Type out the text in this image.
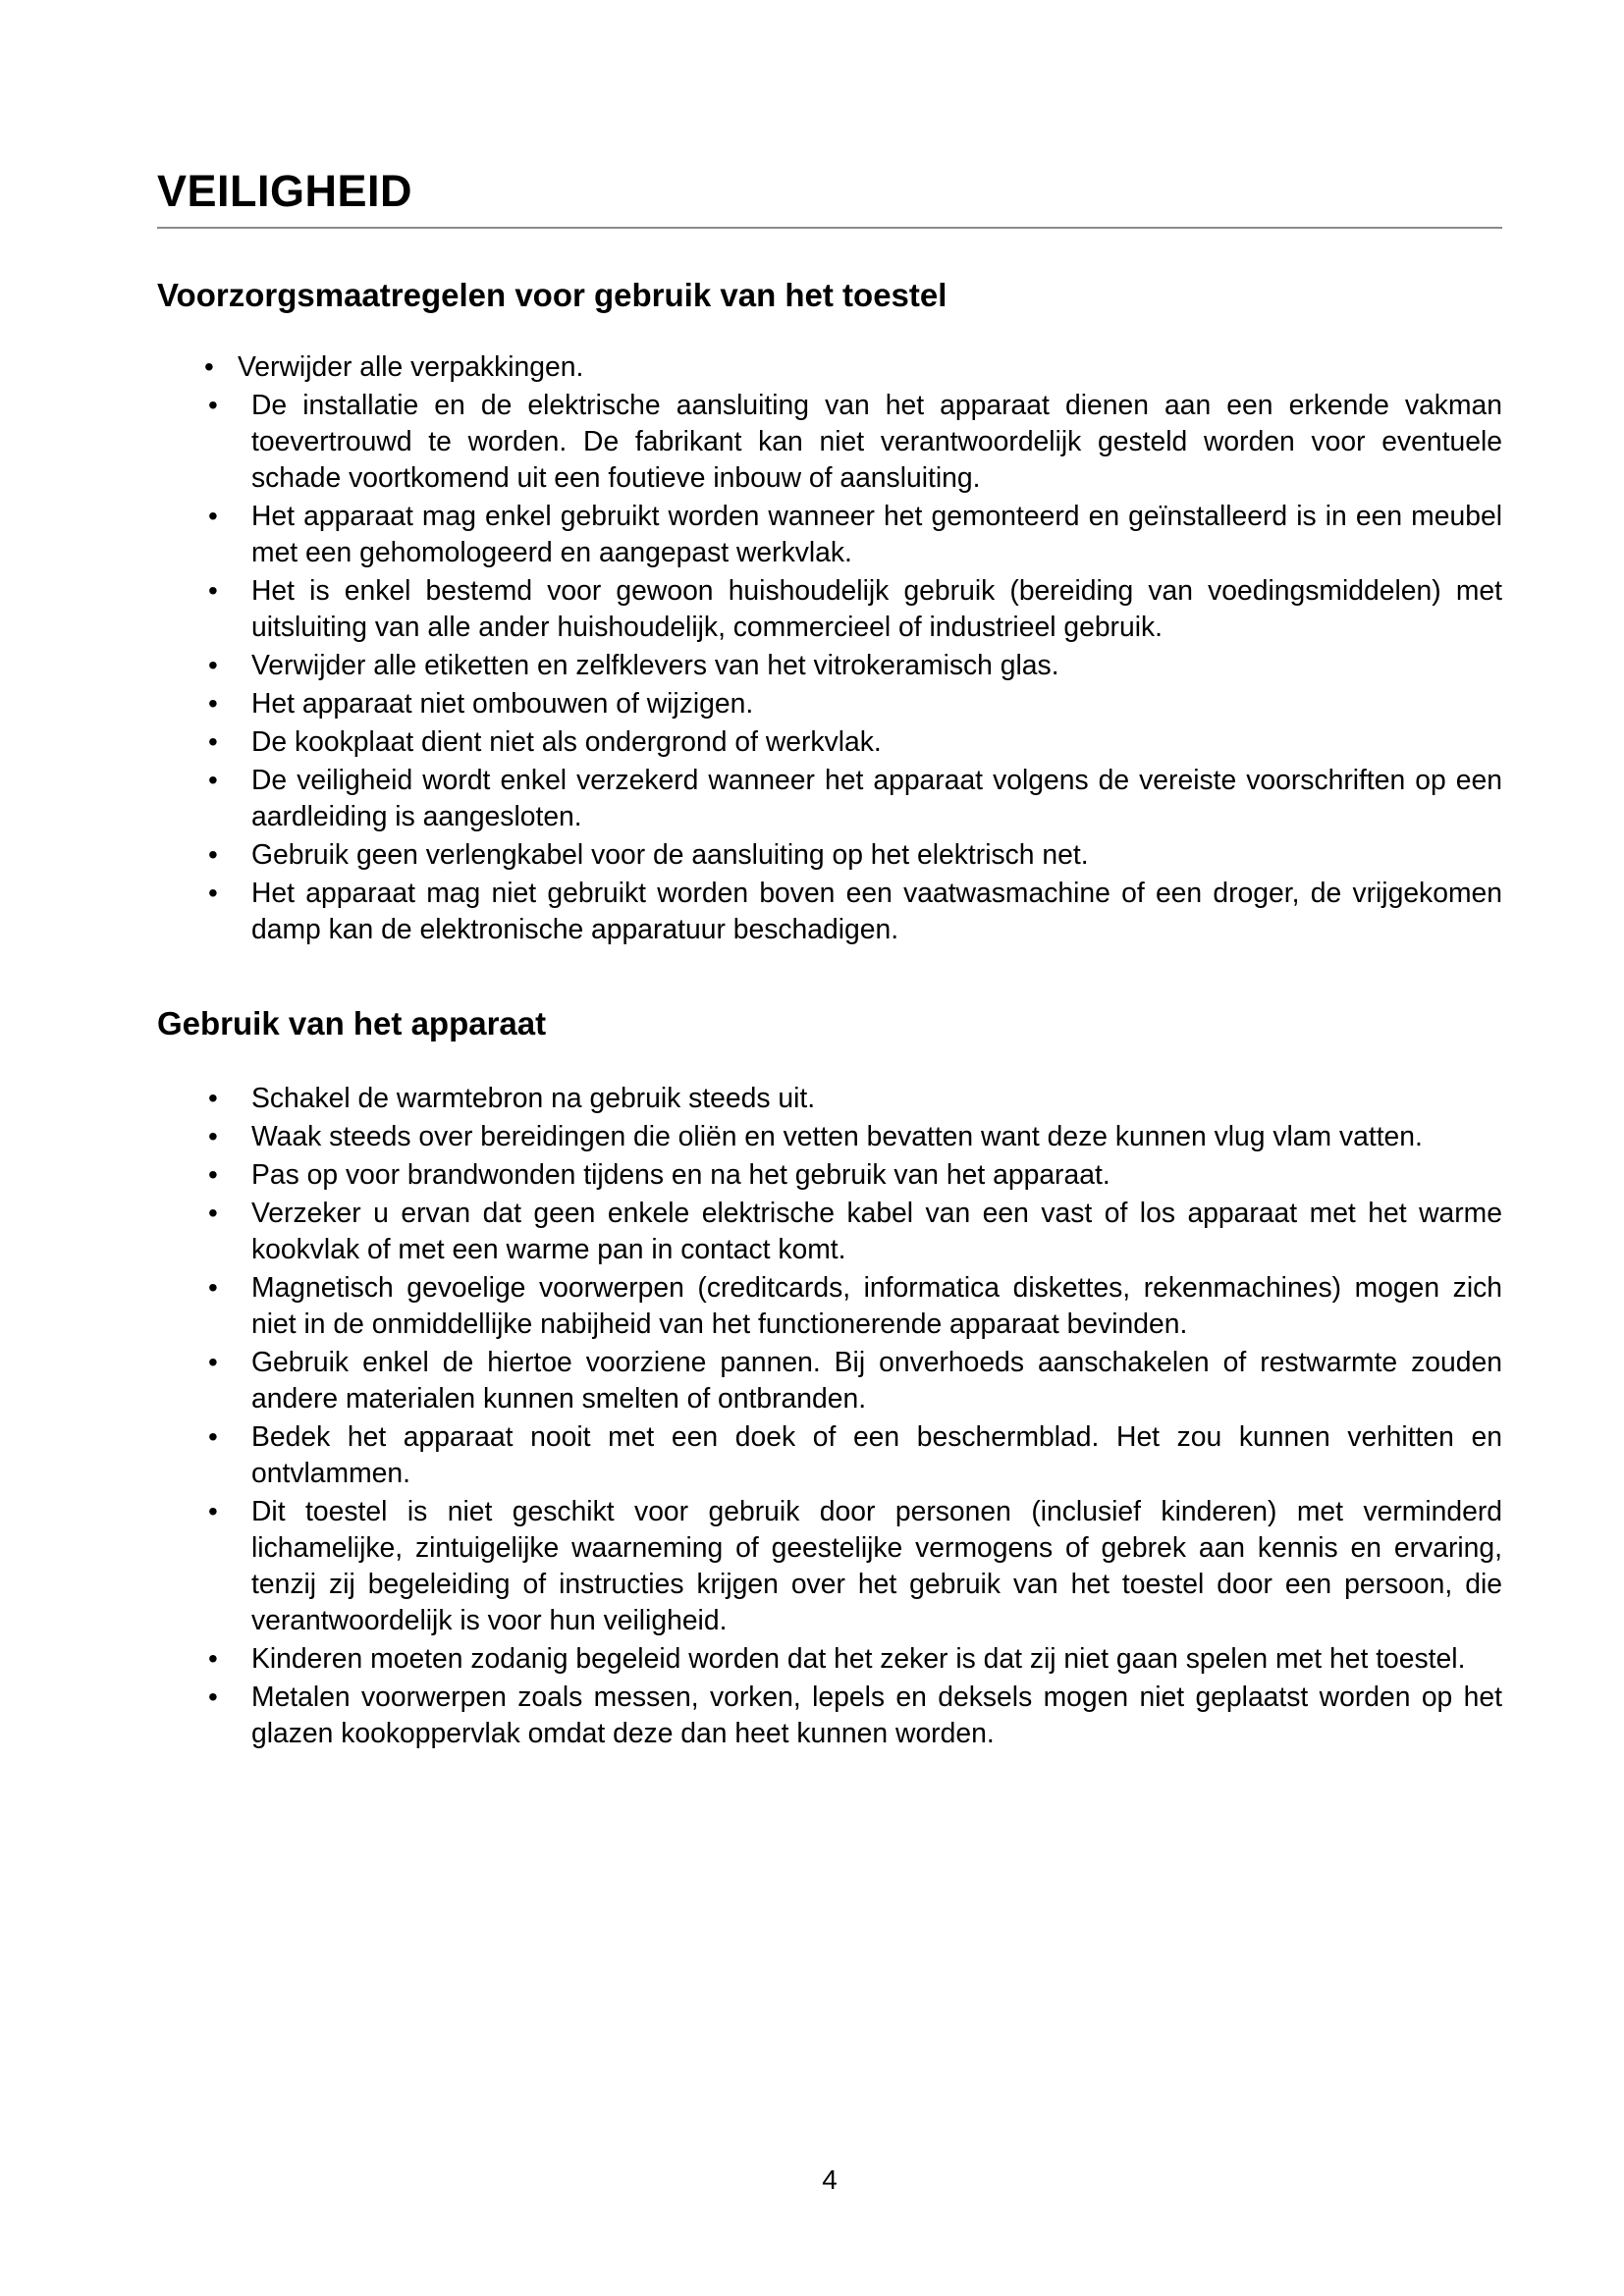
VEILIGHEID
Voorzorgsmaatregelen voor gebruik van het toestel
• Verwijder alle verpakkingen.
• De installatie en de elektrische aansluiting van het apparaat dienen aan een erkende vakman toevertrouwd te worden. De fabrikant kan niet verantwoordelijk gesteld worden voor eventuele schade voortkomend uit een foutieve inbouw of aansluiting.
• Het apparaat mag enkel gebruikt worden wanneer het gemonteerd en geïnstalleerd is in een meubel met een gehomologeerd en aangepast werkvlak.
• Het is enkel bestemd voor gewoon huishoudelijk gebruik (bereiding van voedingsmiddelen) met uitsluiting van alle ander huishoudelijk, commercieel of industrieel gebruik.
• Verwijder alle etiketten en zelfklevers van het vitrokeramisch glas.
• Het apparaat niet ombouwen of wijzigen.
• De kookplaat dient niet als ondergrond of werkvlak.
• De veiligheid wordt enkel verzekerd wanneer het apparaat volgens de vereiste voorschriften op een aardleiding is aangesloten.
• Gebruik geen verlengkabel voor de aansluiting op het elektrisch net.
• Het apparaat mag niet gebruikt worden boven een vaatwasmachine of een droger, de vrijgekomen damp kan de elektronische apparatuur beschadigen.
Gebruik van het apparaat
• Schakel de warmtebron na gebruik steeds uit.
• Waak steeds over bereidingen die oliën en vetten bevatten want deze kunnen vlug vlam vatten.
• Pas op voor brandwonden tijdens en na het gebruik van het apparaat.
• Verzeker u ervan dat geen enkele elektrische kabel van een vast of los apparaat met het warme kookvlak of met een warme pan in contact komt.
• Magnetisch gevoelige voorwerpen (creditcards, informatica diskettes, rekenmachines) mogen zich niet in de onmiddellijke nabijheid van het functionerende apparaat bevinden.
• Gebruik enkel de hiertoe voorziene pannen. Bij onverhoeds aanschakelen of restwarmte zouden andere materialen kunnen smelten of ontbranden.
• Bedek het apparaat nooit met een doek of een beschermblad. Het zou kunnen verhitten en ontvlammen.
• Dit toestel is niet geschikt voor gebruik door personen (inclusief kinderen) met verminderd lichamelijke, zintuigelijke waarneming of geestelijke vermogens of gebrek aan kennis en ervaring, tenzij zij begeleiding of instructies krijgen over het gebruik van het toestel door een persoon, die verantwoordelijk is voor hun veiligheid.
• Kinderen moeten zodanig begeleid worden dat het zeker is dat zij niet gaan spelen met het toestel.
• Metalen voorwerpen zoals messen, vorken, lepels en deksels mogen niet geplaatst worden op het glazen kookoppervlak omdat deze dan heet kunnen worden.
4
